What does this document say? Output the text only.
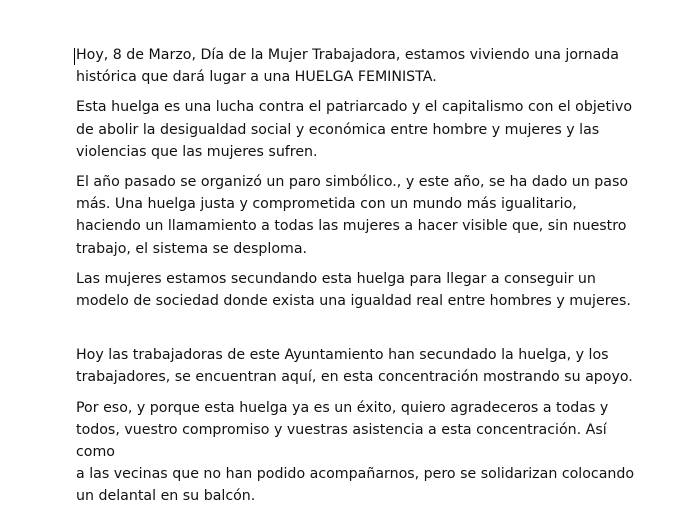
Hoy, 8 de Marzo, Día de la Mujer Trabajadora, estamos viviendo una jornada
histórica que dará lugar a una HUELGA FEMINISTA.

Esta huelga es una lucha contra el patriarcado y el capitalismo con el objetivo
de abolir la desigualdad social y económica entre hombre y mujeres y las
violencias que las mujeres sufren.

El año pasado se organizó un paro simbólico., y este año, se ha dado un paso
más. Una huelga justa y comprometida con un mundo más igualitario,
haciendo un llamamiento a todas las mujeres a hacer visible que, sin nuestro
trabajo, el sistema se desploma.

Las mujeres estamos secundando esta huelga para llegar a conseguir un
modelo de sociedad donde exista una igualdad real entre hombres y mujeres.

Hoy las trabajadoras de este Ayuntamiento han secundado la huelga, y los
trabajadores, se encuentran aquí, en esta concentración mostrando su apoyo.

Por eso, y porque esta huelga ya es un éxito, quiero agradeceros a todas y
todos, vuestro compromiso y vuestras asistencia a esta concentración. Así como
a las vecinas que no han podido acompañarnos, pero se solidarizan colocando
un delantal en su balcón.
